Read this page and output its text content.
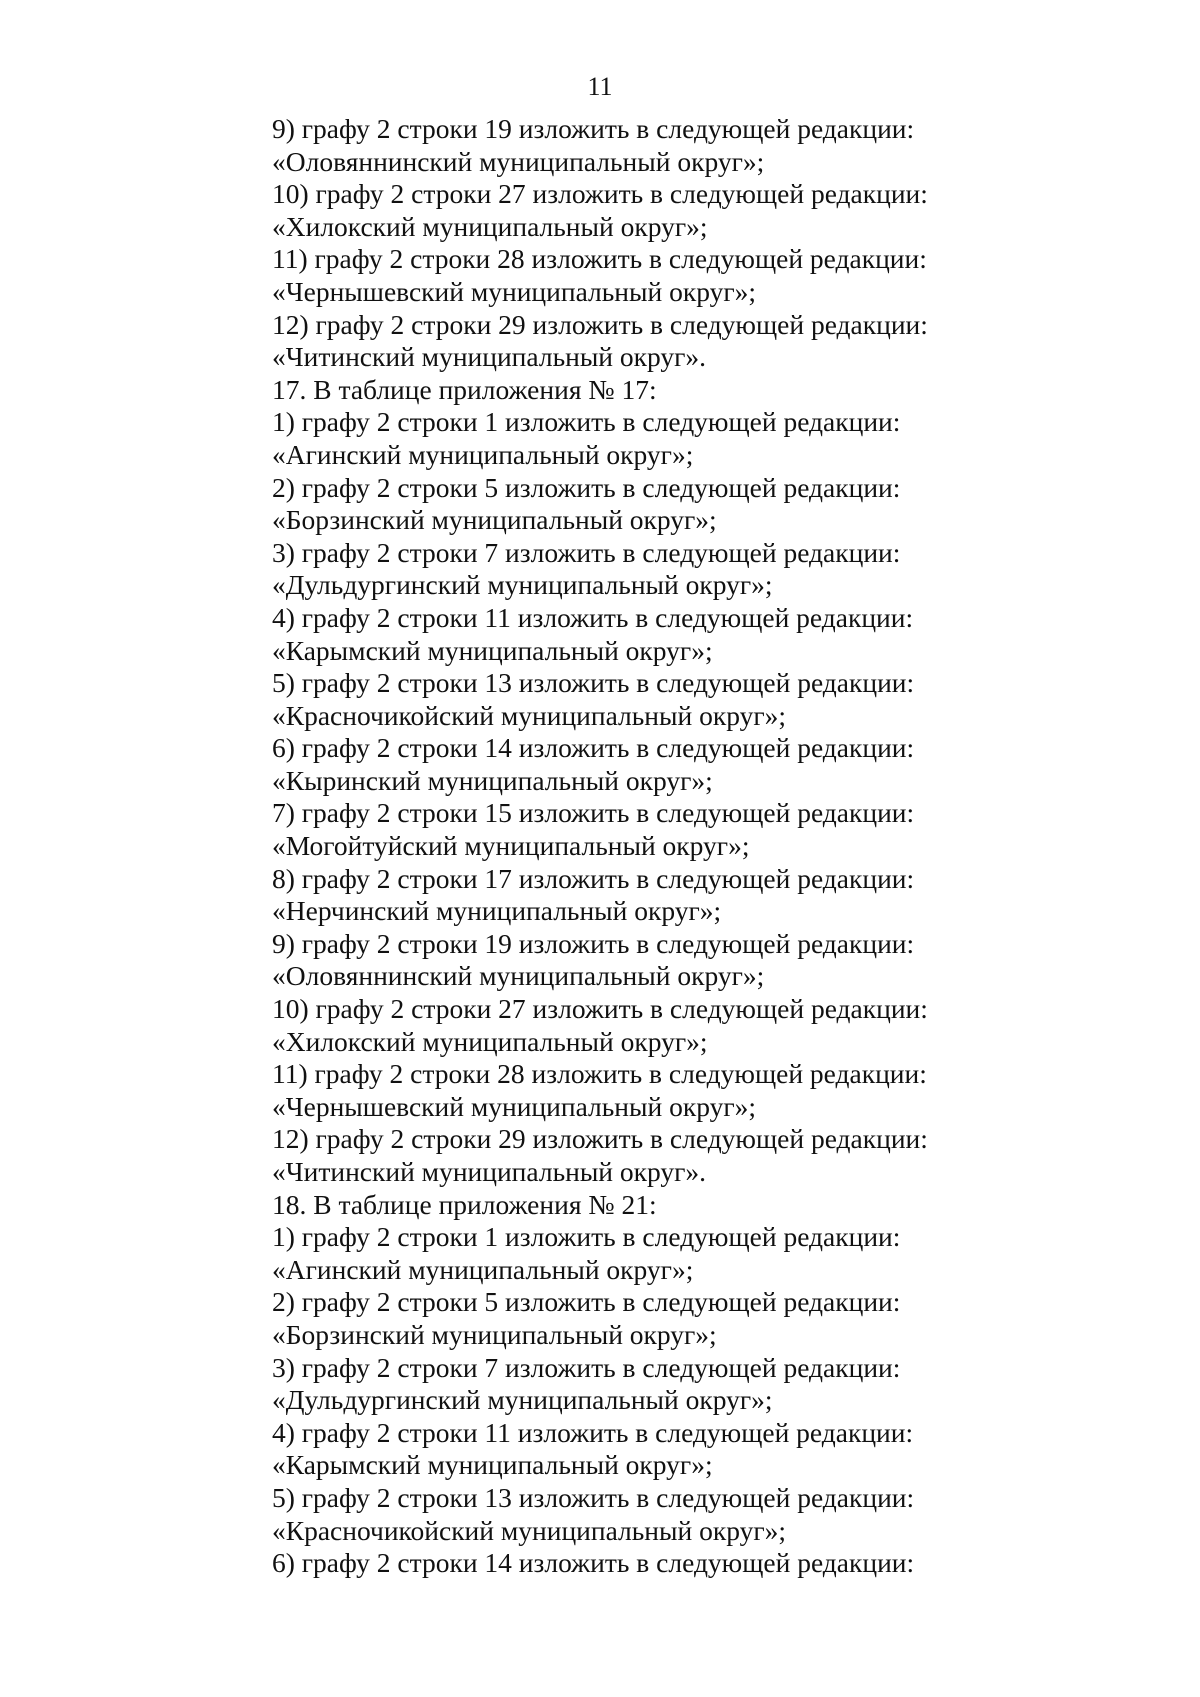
11
9) графу 2 строки 19 изложить в следующей редакции:
«Оловяннинский муниципальный округ»;
10) графу 2 строки 27 изложить в следующей редакции:
«Хилокский муниципальный округ»;
11) графу 2 строки 28 изложить в следующей редакции:
«Чернышевский муниципальный округ»;
12) графу 2 строки 29 изложить в следующей редакции:
«Читинский муниципальный округ».
17. В таблице приложения № 17:
1) графу 2 строки 1 изложить в следующей редакции:
«Агинский муниципальный округ»;
2) графу 2 строки 5 изложить в следующей редакции:
«Борзинский муниципальный округ»;
3) графу 2 строки 7 изложить в следующей редакции:
«Дульдургинский муниципальный округ»;
4) графу 2 строки 11 изложить в следующей редакции:
«Карымский муниципальный округ»;
5) графу 2 строки 13 изложить в следующей редакции:
«Красночикойский муниципальный округ»;
6) графу 2 строки 14 изложить в следующей редакции:
«Кыринский муниципальный округ»;
7) графу 2 строки 15 изложить в следующей редакции:
«Могойтуйский муниципальный округ»;
8) графу 2 строки 17 изложить в следующей редакции:
«Нерчинский муниципальный округ»;
9) графу 2 строки 19 изложить в следующей редакции:
«Оловяннинский муниципальный округ»;
10) графу 2 строки 27 изложить в следующей редакции:
«Хилокский муниципальный округ»;
11) графу 2 строки 28 изложить в следующей редакции:
«Чернышевский муниципальный округ»;
12) графу 2 строки 29 изложить в следующей редакции:
«Читинский муниципальный округ».
18. В таблице приложения № 21:
1) графу 2 строки 1 изложить в следующей редакции:
«Агинский муниципальный округ»;
2) графу 2 строки 5 изложить в следующей редакции:
«Борзинский муниципальный округ»;
3) графу 2 строки 7 изложить в следующей редакции:
«Дульдургинский муниципальный округ»;
4) графу 2 строки 11 изложить в следующей редакции:
«Карымский муниципальный округ»;
5) графу 2 строки 13 изложить в следующей редакции:
«Красночикойский муниципальный округ»;
6) графу 2 строки 14 изложить в следующей редакции:
